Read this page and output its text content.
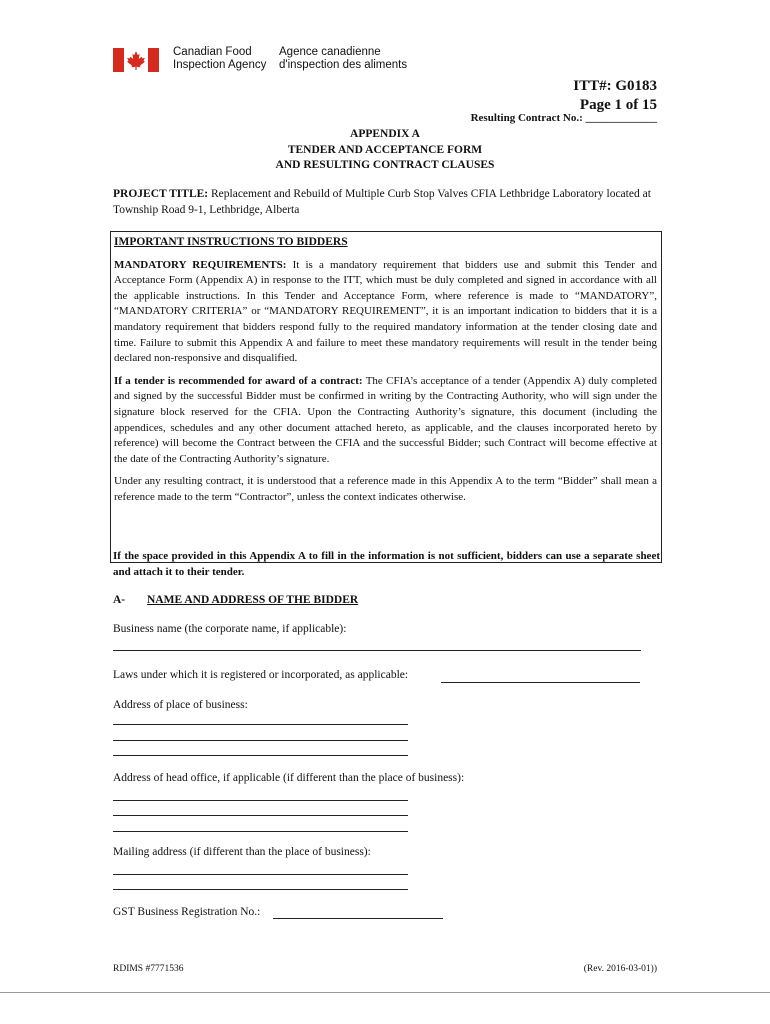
Canadian Food
Inspection Agency
Agence canadienne
d'inspection des aliments
ITT#: G0183
Page 1 of 15
Resulting Contract No.: _____________
APPENDIX A
TENDER AND ACCEPTANCE FORM
AND RESULTING CONTRACT CLAUSES
PROJECT TITLE: Replacement and Rebuild of Multiple Curb Stop Valves CFIA Lethbridge Laboratory located at Township Road 9-1, Lethbridge, Alberta
IMPORTANT INSTRUCTIONS TO BIDDERS

MANDATORY REQUIREMENTS: It is a mandatory requirement that bidders use and submit this Tender and Acceptance Form (Appendix A) in response to the ITT, which must be duly completed and signed in accordance with all the applicable instructions. In this Tender and Acceptance Form, where reference is made to “MANDATORY”, “MANDATORY CRITERIA” or “MANDATORY REQUIREMENT”, it is an important indication to bidders that it is a mandatory requirement that bidders respond fully to the required mandatory information at the tender closing date and time. Failure to submit this Appendix A and failure to meet these mandatory requirements will result in the tender being declared non-responsive and disqualified.

If a tender is recommended for award of a contract: The CFIA’s acceptance of a tender (Appendix A) duly completed and signed by the successful Bidder must be confirmed in writing by the Contracting Authority, who will sign under the signature block reserved for the CFIA. Upon the Contracting Authority’s signature, this document (including the appendices, schedules and any other document attached hereto, as applicable, and the clauses incorporated hereto by reference) will become the Contract between the CFIA and the successful Bidder; such Contract will become effective at the date of the Contracting Authority’s signature.

Under any resulting contract, it is understood that a reference made in this Appendix A to the term “Bidder” shall mean a reference made to the term “Contractor”, unless the context indicates otherwise.

If the space provided in this Appendix A to fill in the information is not sufficient, bidders can use a separate sheet and attach it to their tender.
A- NAME AND ADDRESS OF THE BIDDER
Business name (the corporate name, if applicable):
Laws under which it is registered or incorporated, as applicable:
Address of place of business:
Address of head office, if applicable (if different than the place of business):
Mailing address (if different than the place of business):
GST Business Registration No.:
RDIMS #7771536	(Rev. 2016-03-01))
